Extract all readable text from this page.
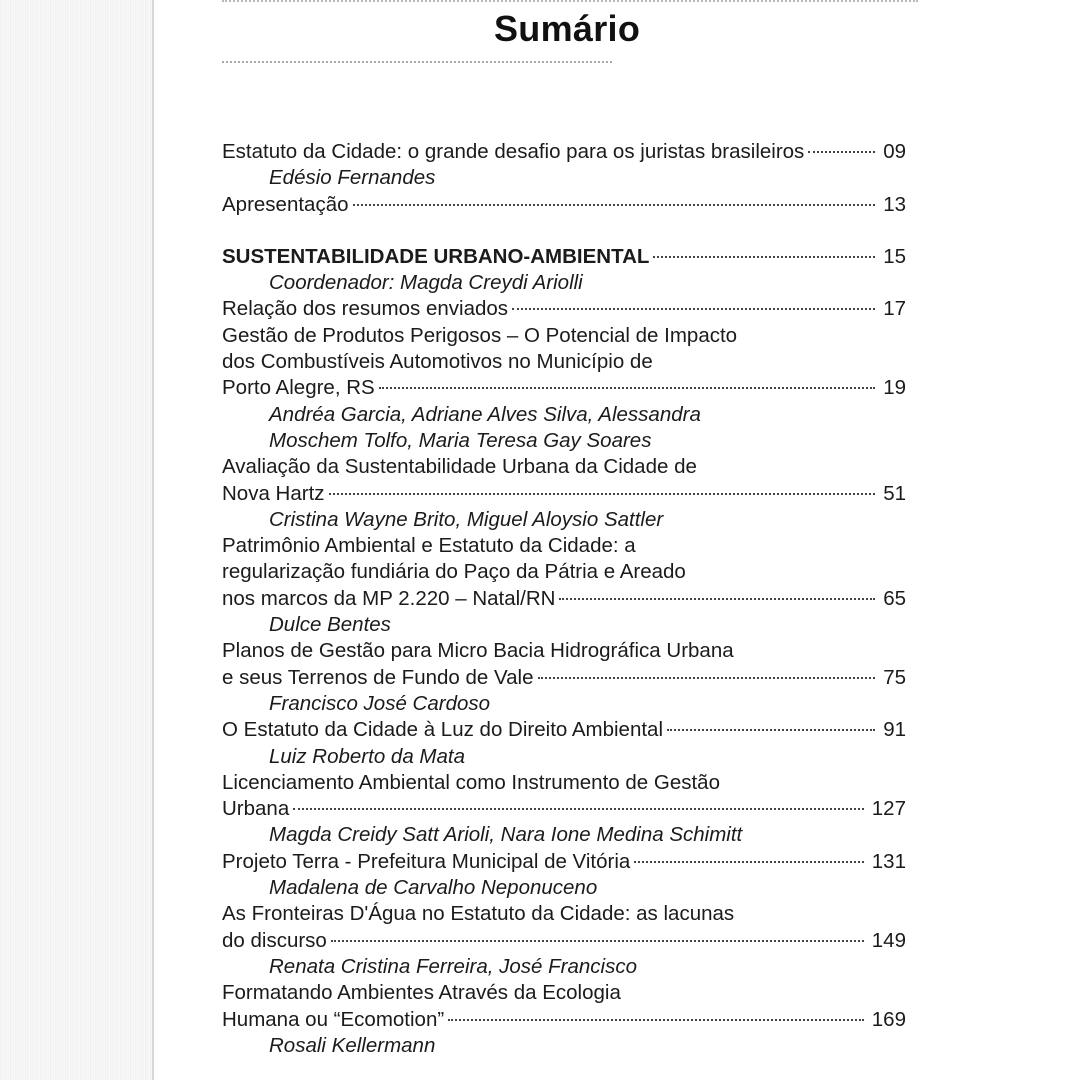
Sumário
Estatuto da Cidade: o grande desafio para os juristas brasileiros	09
Edésio Fernandes
Apresentação	13
SUSTENTABILIDADE URBANO-AMBIENTAL	15
Coordenador: Magda Creydi Ariolli
Relação dos resumos enviados	17
Gestão de Produtos Perigosos – O Potencial de Impacto
dos Combustíveis Automotivos no Município de
Porto Alegre, RS	19
Andréa Garcia, Adriane Alves Silva, Alessandra
Moschem Tolfo, Maria Teresa Gay Soares
Avaliação da Sustentabilidade Urbana da Cidade de
Nova Hartz	51
Cristina Wayne Brito, Miguel Aloysio Sattler
Patrimônio Ambiental e Estatuto da Cidade: a
regularização fundiária do Paço da Pátria e Areado
nos marcos da MP 2.220 – Natal/RN	65
Dulce Bentes
Planos de Gestão para Micro Bacia Hidrográfica Urbana
e seus Terrenos de Fundo de Vale	75
Francisco José Cardoso
O Estatuto da Cidade à Luz do Direito Ambiental	91
Luiz Roberto da Mata
Licenciamento Ambiental como Instrumento de Gestão
Urbana	127
Magda Creidy Satt Arioli, Nara Ione Medina Schimitt
Projeto Terra - Prefeitura Municipal de Vitória	131
Madalena de Carvalho Neponuceno
As Fronteiras D'Água no Estatuto da Cidade: as lacunas
do discurso	149
Renata Cristina Ferreira, José Francisco
Formatando Ambientes Através da Ecologia
Humana ou “Ecomotion”	169
Rosali Kellermann
